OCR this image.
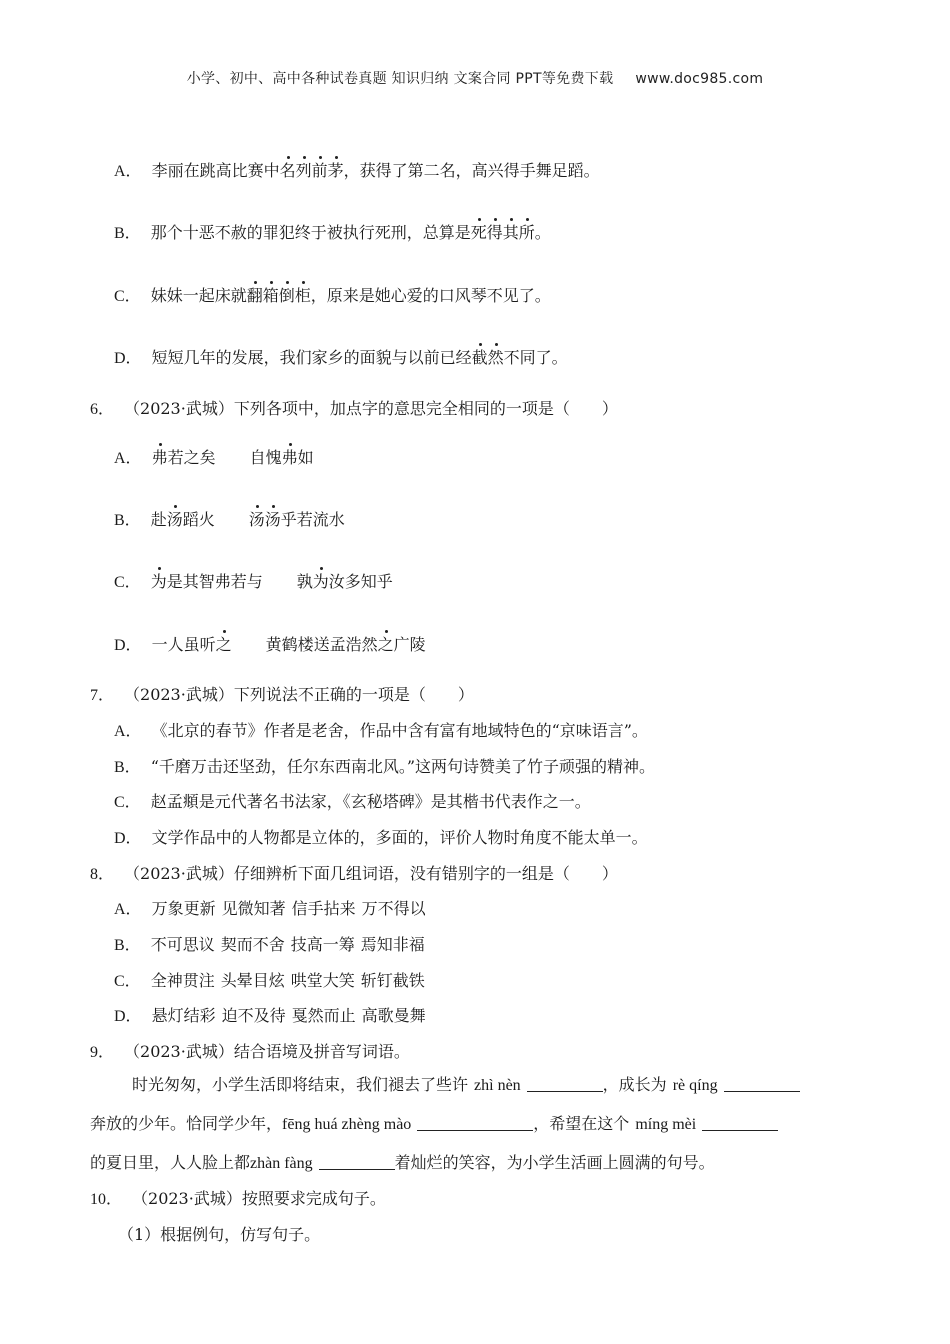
小学、初中、高中各种试卷真题 知识归纳 文案合同 PPT等免费下载 www.doc985.com
A． 李丽在跳高比赛中名列前茅，获得了第二名，高兴得手舞足蹈。
B． 那个十恶不赦的罪犯终于被执行死刑，总算是死得其所。
C． 妹妹一起床就翻箱倒柜，原来是她心爱的口风琴不见了。
D． 短短几年的发展，我们家乡的面貌与以前已经截然不同了。
6． （2023·武城）下列各项中，加点字的意思完全相同的一项是（　　）
A． 弗若之矣 自愧弗如
B． 赴汤蹈火 汤汤乎若流水
C． 为是其智弗若与 孰为汝多知乎
D． 一人虽听之 黄鹤楼送孟浩然之广陵
7． （2023·武城）下列说法不正确的一项是（　　）
A． 《北京的春节》作者是老舍，作品中含有富有地域特色的“京味语言”。
B． “千磨万击还坚劲，任尔东西南北风。”这两句诗赞美了竹子顽强的精神。
C． 赵孟頫是元代著名书法家，《玄秘塔碑》是其楷书代表作之一。
D． 文学作品中的人物都是立体的，多面的，评价人物时角度不能太单一。
8． （2023·武城）仔细辨析下面几组词语，没有错别字的一组是（　　）
A． 万象更新 见微知著 信手拈来 万不得以
B． 不可思议 契而不舍 技高一筹 焉知非福
C． 全神贯注 头晕目炫 哄堂大笑 斩钉截铁
D． 悬灯结彩 迫不及待 戛然而止 高歌曼舞
9． （2023·武城）结合语境及拼音写词语。
时光匆匆，小学生活即将结束，我们褪去了些许 zhì nèn	，成长为 rè qíng
奔放的少年。恰同学少年，fēng huá zhèng mào	，希望在这个 míng mèi
的夏日里，人人脸上都zhàn fàng	着灿烂的笑容，为小学生活画上圆满的句号。
10． （2023·武城）按照要求完成句子。
（1）根据例句，仿写句子。
